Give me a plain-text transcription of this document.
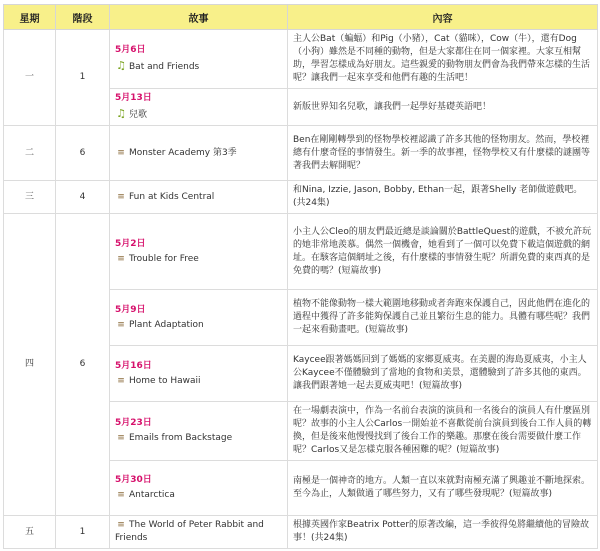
星期	階段	故事	內容
一	1	5月6日
♫ Bat and Friends	主人公Bat（蝙蝠）和Pig（小豬），Cat（貓咪），Cow（牛），還有Dog（小狗）雖然是不同種的動物，但是大家都住在同一個家裡。大家互相幫助，學習怎樣成為好朋友。這些親愛的動物朋友們會為我們帶來怎樣的生活呢？讓我們一起來享受和他們有趣的生活吧！

		5月13日
♫ 兒歌	新版世界知名兒歌，讓我們一起學好基礎英語吧！
二	6	≡ Monster Academy 第3季	Ben在剛剛轉學到的怪物學校裡認識了許多其他的怪物朋友。然而，學校裡總有什麼奇怪的事情發生。新一季的故事裡，怪物學校又有什麼樣的謎團等著我們去解開呢？
三	4	≡ Fun at Kids Central	和Nina, Izzie, Jason, Bobby, Ethan一起，跟著Shelly 老師做遊戲吧。(共24集)
四	6	5月2日
≡ Trouble for Free	小主人公Cleo的朋友們最近總是談論關於BattleQuest的遊戲，不被允許玩的她非常地羨慕。偶然一個機會，她看到了一個可以免費下載這個遊戲的網址。在駭客這個網址之後，有什麼樣的事情發生呢？所謂免費的東西真的是免費的嗎？(短篇故事)

		5月9日
≡ Plant Adaptation	植物不能像動物一樣大範圍地移動或者奔跑來保護自己，因此他們在進化的過程中獲得了許多能夠保護自己並且繁衍生息的能力。具體有哪些呢？我們一起來看動畫吧。(短篇故事)

		5月16日
≡ Home to Hawaii	Kaycee跟著媽媽回到了媽媽的家鄉夏威夷。在美麗的海島夏威夷，小主人公Kaycee不僅體驗到了當地的食物和美景，還體驗到了許多其他的東西。讓我們跟著她一起去夏威夷吧！(短篇故事)

		5月23日
≡ Emails from Backstage	在一場劇表演中，作為一名前台表演的演員和一名後台的演員人有什麼區別呢？故事的小主人公Carlos一開始並不喜歡從前台演員到後台工作人員的轉換，但是後來他慢慢找到了後台工作的樂趣。那麼在後台需要做什麼工作呢？Carlos又是怎樣克服各種困難的呢？(短篇故事)

		5月30日
≡ Antarctica	南極是一個神奇的地方。人類一直以來就對南極充滿了興趣並不斷地探索。至今為止，人類做過了哪些努力，又有了哪些發現呢？(短篇故事)
五	1	≡ The World of Peter Rabbit and Friends	根據英國作家Beatrix Potter的原著改編，這一季彼得兔將繼續他的冒險故事！(共24集)
